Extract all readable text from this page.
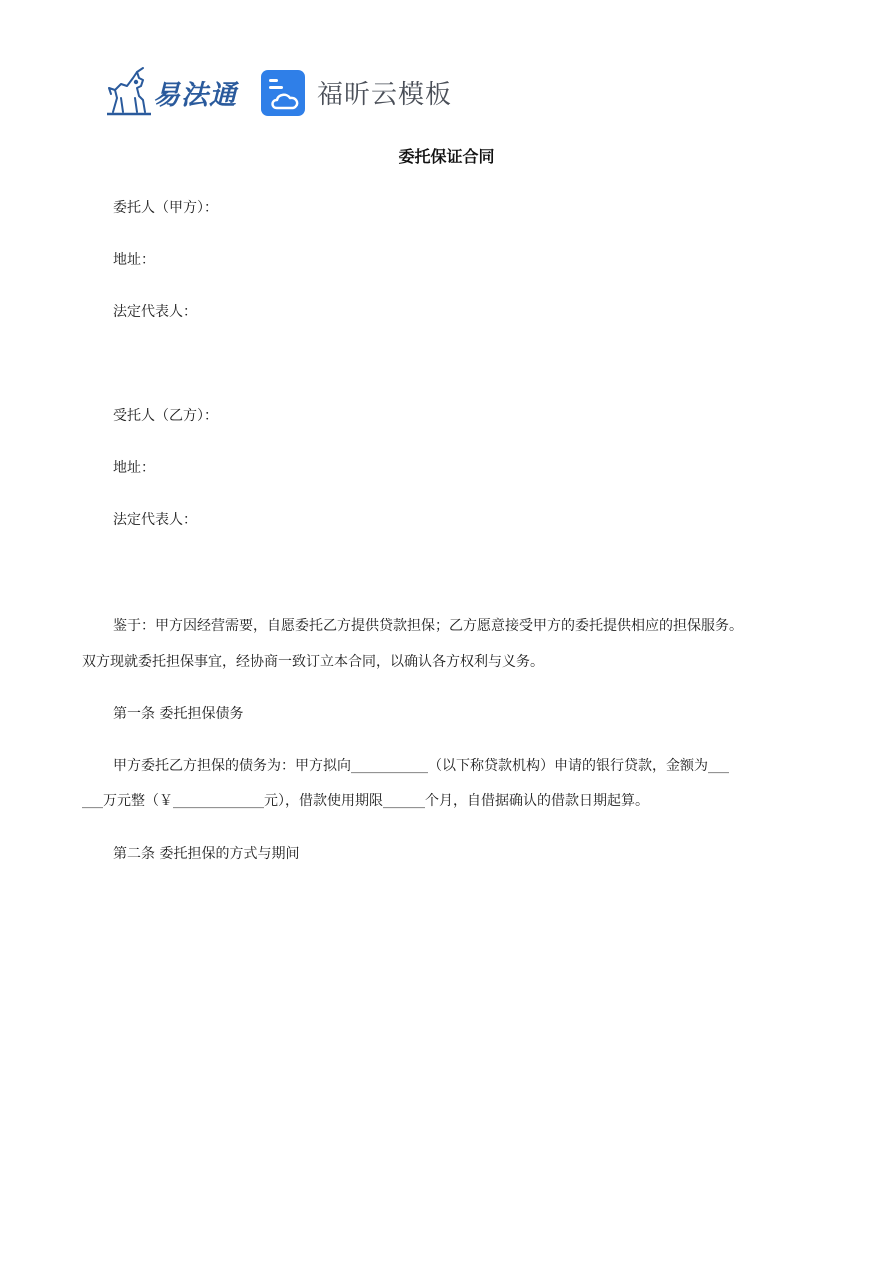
易法通	福昕云模板
委托保证合同
委托人（甲方）：
地址：
法定代表人：
受托人（乙方）：
地址：
法定代表人：
鉴于：甲方因经营需要，自愿委托乙方提供贷款担保；乙方愿意接受甲方的委托提供相应的担保服务。
双方现就委托担保事宜，经协商一致订立本合同，以确认各方权利与义务。
第一条 委托担保债务
甲方委托乙方担保的债务为：甲方拟向___________（以下称贷款机构）申请的银行贷款，金额为___
___万元整（￥_____________元），借款使用期限______个月，自借据确认的借款日期起算。
第二条 委托担保的方式与期间
